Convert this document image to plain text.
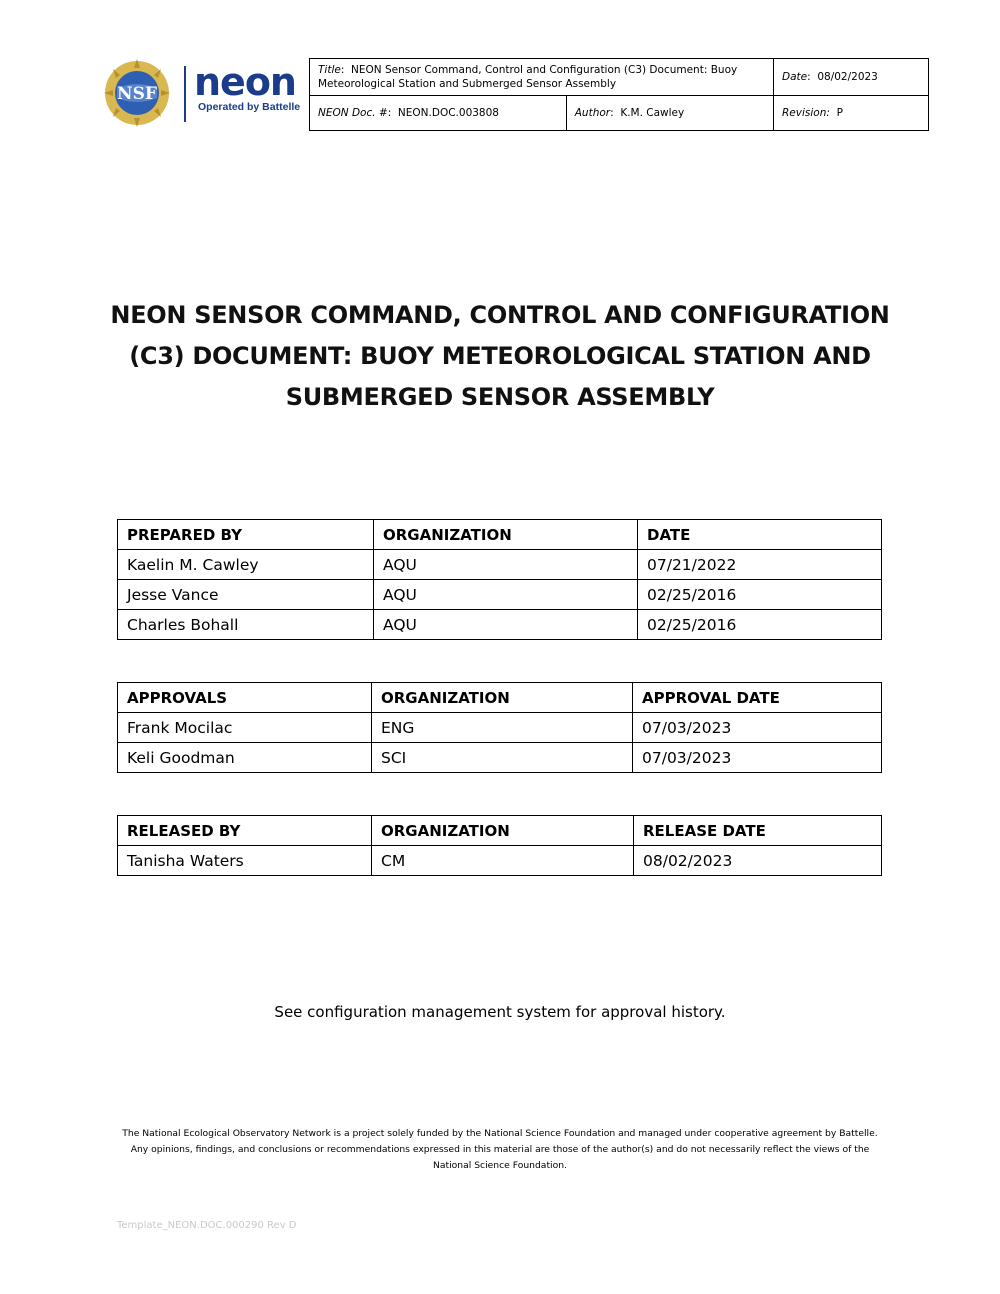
NSF neon
Operated by Battelle
Title:  NEON Sensor Command, Control and Configuration (C3) Document: Buoy Meteorological Station and Submerged Sensor Assembly		Date:  08/02/2023
NEON Doc. #:  NEON.DOC.003808	Author:  K.M. Cawley	Revision: P
NEON SENSOR COMMAND, CONTROL AND CONFIGURATION
(C3) DOCUMENT: BUOY METEOROLOGICAL STATION AND
SUBMERGED SENSOR ASSEMBLY
PREPARED BY	ORGANIZATION	DATE
Kaelin M. Cawley	AQU	07/21/2022
Jesse Vance	AQU	02/25/2016
Charles Bohall	AQU	02/25/2016
APPROVALS	ORGANIZATION	APPROVAL DATE
Frank Mocilac	ENG	07/03/2023
Keli Goodman	SCI	07/03/2023
RELEASED BY	ORGANIZATION	RELEASE DATE
Tanisha Waters	CM	08/02/2023
See configuration management system for approval history.
The National Ecological Observatory Network is a project solely funded by the National Science Foundation and managed under cooperative agreement by Battelle.
Any opinions, findings, and conclusions or recommendations expressed in this material are those of the author(s) and do not necessarily reflect the views of the
National Science Foundation.
Template_NEON.DOC.000290 Rev D
